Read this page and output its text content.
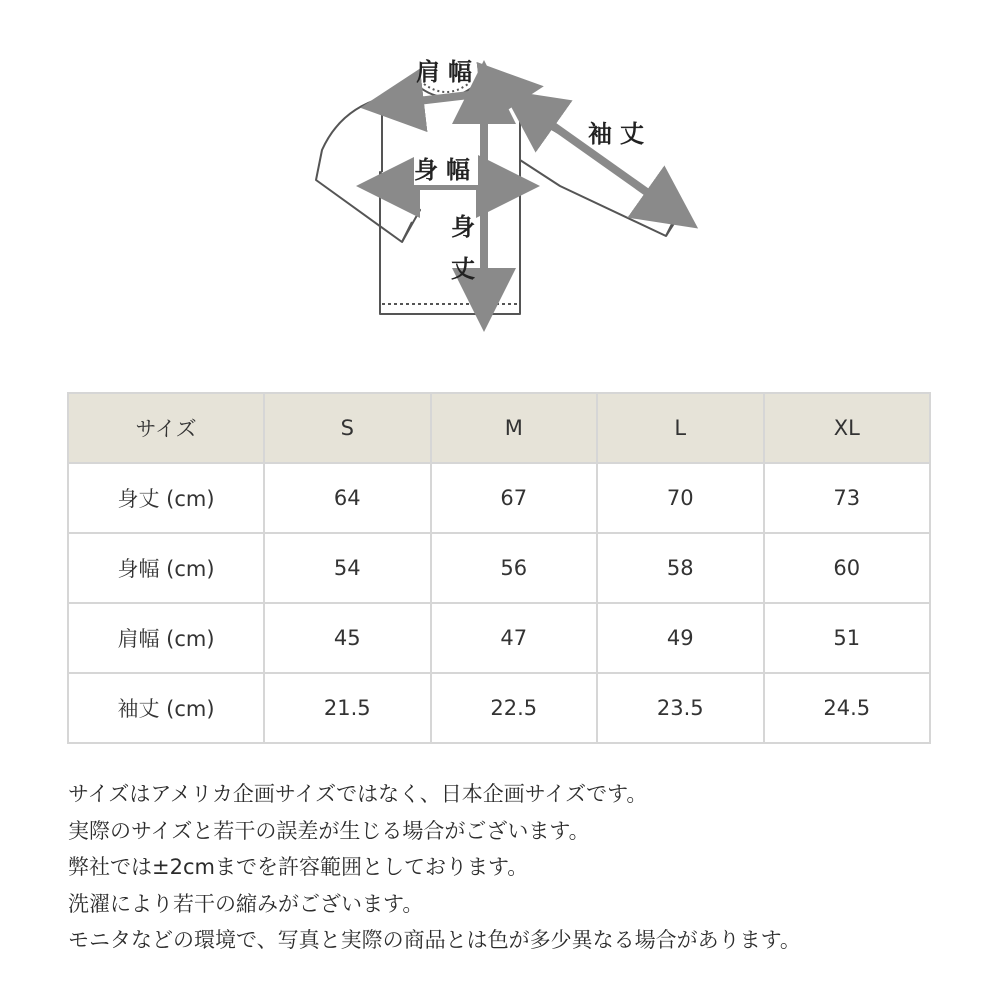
肩幅
袖丈
身幅
身
丈
サイズ	S	M	L	XL
身丈 (cm)	64	67	70	73
身幅 (cm)	54	56	58	60
肩幅 (cm)	45	47	49	51
袖丈 (cm)	21.5	22.5	23.5	24.5

サイズはアメリカ企画サイズではなく、日本企画サイズです。

実際のサイズと若干の誤差が生じる場合がございます。

弊社では±2cmまでを許容範囲としております。

洗濯により若干の縮みがございます。

モニタなどの環境で、写真と実際の商品とは色が多少異なる場合があります。
